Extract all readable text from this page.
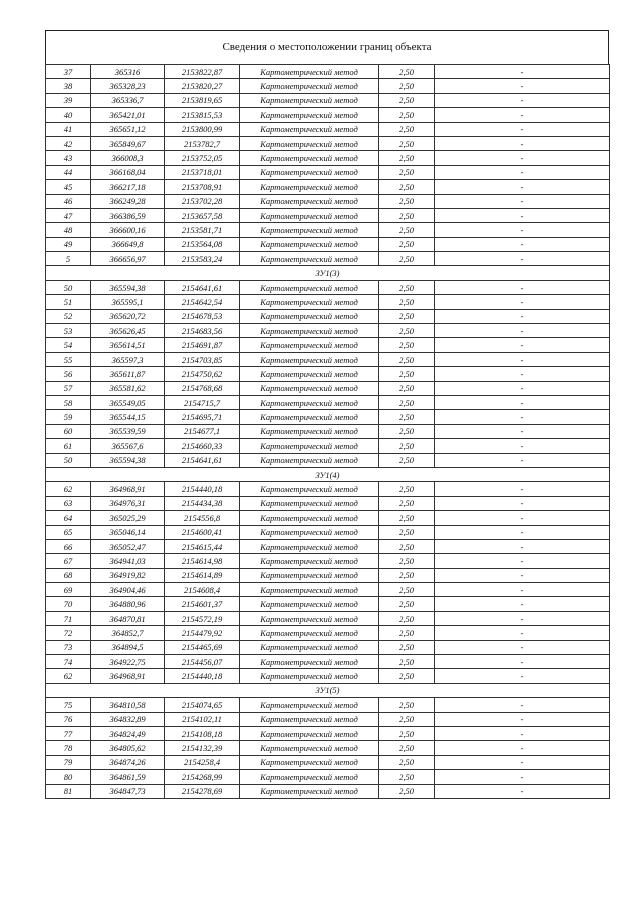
Сведения о местоположении границ объекта
37	365316	2153822,87	Картометрический метод	2,50	-
38	365328,23	2153820,27	Картометрический метод	2,50	-
39	365336,7	2153819,65	Картометрический метод	2,50	-
40	365421,01	2153815,53	Картометрический метод	2,50	-
41	365651,12	2153800,99	Картометрический метод	2,50	-
42	365849,67	2153782,7	Картометрический метод	2,50	-
43	366008,3	2153752,05	Картометрический метод	2,50	-
44	366168,04	2153718,01	Картометрический метод	2,50	-
45	366217,18	2153708,91	Картометрический метод	2,50	-
46	366249,28	2153702,28	Картометрический метод	2,50	-
47	366386,59	2153657,58	Картометрический метод	2,50	-
48	366600,16	2153581,71	Картометрический метод	2,50	-
49	366649,8	2153564,08	Картометрический метод	2,50	-
5	366656,97	2153583,24	Картометрический метод	2,50	-
ЗУ1(3)					
50	365594,38	2154641,61	Картометрический метод	2,50	-
51	365595,1	2154642,54	Картометрический метод	2,50	-
52	365620,72	2154678,53	Картометрический метод	2,50	-
53	365626,45	2154683,56	Картометрический метод	2,50	-
54	365614,51	2154691,87	Картометрический метод	2,50	-
55	365597,3	2154703,85	Картометрический метод	2,50	-
56	365611,87	2154750,62	Картометрический метод	2,50	-
57	365581,62	2154768,68	Картометрический метод	2,50	-
58	365549,05	2154715,7	Картометрический метод	2,50	-
59	365544,15	2154695,71	Картометрический метод	2,50	-
60	365539,59	2154677,1	Картометрический метод	2,50	-
61	365567,6	2154660,33	Картометрический метод	2,50	-
50	365594,38	2154641,61	Картометрический метод	2,50	-
ЗУ1(4)					
62	364968,91	2154440,18	Картометрический метод	2,50	-
63	364976,31	2154434,38	Картометрический метод	2,50	-
64	365025,29	2154556,8	Картометрический метод	2,50	-
65	365046,14	2154600,41	Картометрический метод	2,50	-
66	365052,47	2154615,44	Картометрический метод	2,50	-
67	364941,03	2154614,98	Картометрический метод	2,50	-
68	364919,82	2154614,89	Картометрический метод	2,50	-
69	364904,46	2154608,4	Картометрический метод	2,50	-
70	364880,96	2154601,37	Картометрический метод	2,50	-
71	364870,81	2154572,19	Картометрический метод	2,50	-
72	364852,7	2154479,92	Картометрический метод	2,50	-
73	364894,5	2154465,69	Картометрический метод	2,50	-
74	364922,75	2154456,07	Картометрический метод	2,50	-
62	364968,91	2154440,18	Картометрический метод	2,50	-
ЗУ1(5)					
75	364810,58	2154074,65	Картометрический метод	2,50	-
76	364832,89	2154102,11	Картометрический метод	2,50	-
77	364824,49	2154108,18	Картометрический метод	2,50	-
78	364805,62	2154132,39	Картометрический метод	2,50	-
79	364874,26	2154258,4	Картометрический метод	2,50	-
80	364861,59	2154268,99	Картометрический метод	2,50	-
81	364847,73	2154278,69	Картометрический метод	2,50	-
